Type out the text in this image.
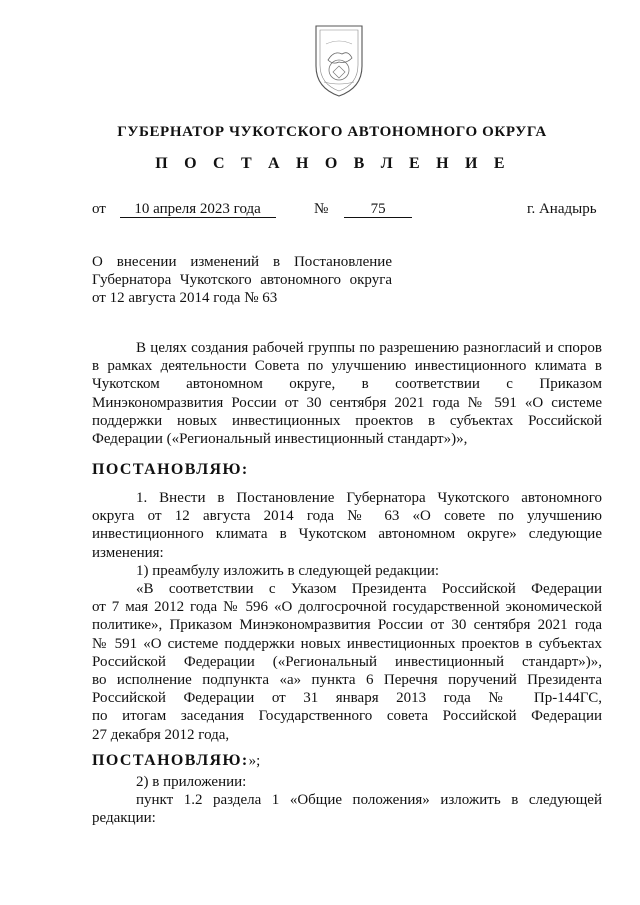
ГУБЕРНАТОР ЧУКОТСКОГО АВТОНОМНОГО ОКРУГА
П О С Т А Н О В Л Е Н И Е
от 10 апреля 2023 года	№	75	г. Анадырь
О внесении изменений в Постановление
Губернатора Чукотского автономного округа
от 12 августа 2014 года № 63
В целях создания рабочей группы по разрешению разногласий и споров
в рамках деятельности Совета по улучшению инвестиционного климата в
Чукотском автономном округе, в соответствии с Приказом
Минэкономразвития России от 30 сентября 2021 года № 591 «О системе
поддержки новых инвестиционных проектов в субъектах Российской
Федерации («Региональный инвестиционный стандарт»)»,
ПОСТАНОВЛЯЮ:
1. Внести в Постановление Губернатора Чукотского автономного
округа от 12 августа 2014 года № 63 «О совете по улучшению
инвестиционного климата в Чукотском автономном округе» следующие
изменения:
1) преамбулу изложить в следующей редакции:
«В соответствии с Указом Президента Российской Федерации
от 7 мая 2012 года № 596 «О долгосрочной государственной экономической
политике», Приказом Минэкономразвития России от 30 сентября 2021 года
№ 591 «О системе поддержки новых инвестиционных проектов в субъектах
Российской Федерации («Региональный инвестиционный стандарт»)»,
во исполнение подпункта «а» пункта 6 Перечня поручений Президента
Российской Федерации от 31 января 2013 года № Пр-144ГС,
по итогам заседания Государственного совета Российской Федерации
27 декабря 2012 года,
ПОСТАНОВЛЯЮ:»;
2) в приложении:
пункт 1.2 раздела 1 «Общие положения» изложить в следующей
редакции:
